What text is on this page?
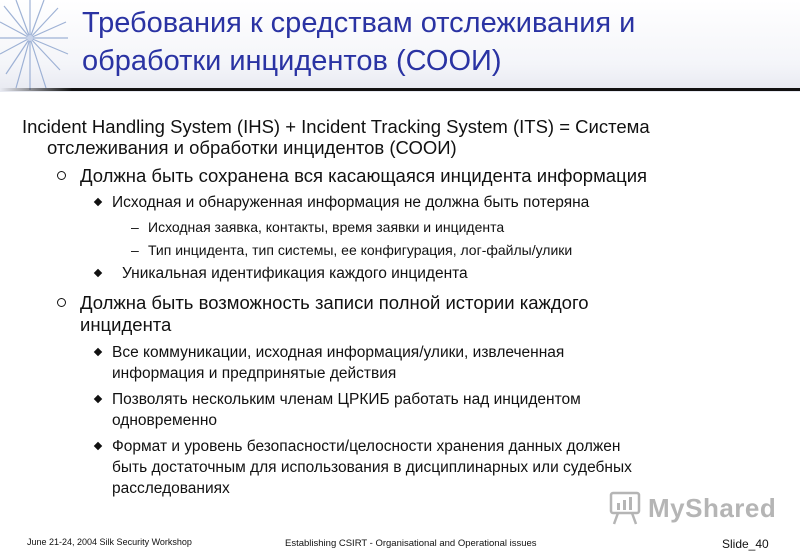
Требования к средствам отслеживания и
обработки инцидентов (СООИ)
Incident Handling System (IHS) + Incident Tracking System (ITS) = Система
отслеживания и обработки инцидентов (СООИ)
Должна быть сохранена вся касающаяся инцидента информация
Исходная и обнаруженная информация не должна быть потеряна
– Исходная заявка, контакты, время заявки и инцидента
– Тип инцидента, тип системы, ее конфигурация, лог-файлы/улики
Уникальная идентификация каждого инцидента
Должна быть возможность записи полной истории каждого
инцидента
Все коммуникации, исходная информация/улики, извлеченная
информация и предпринятые действия
Позволять нескольким членам ЦРКИБ работать над инцидентом
одновременно
Формат и уровень безопасности/целосности хранения данных должен
быть достаточным для использования в дисциплинарных или судебных
расследованиях
MyShared
June 21-24, 2004 Silk Security Workshop	Establishing CSIRT - Organisational and Operational issues	Slide_40
